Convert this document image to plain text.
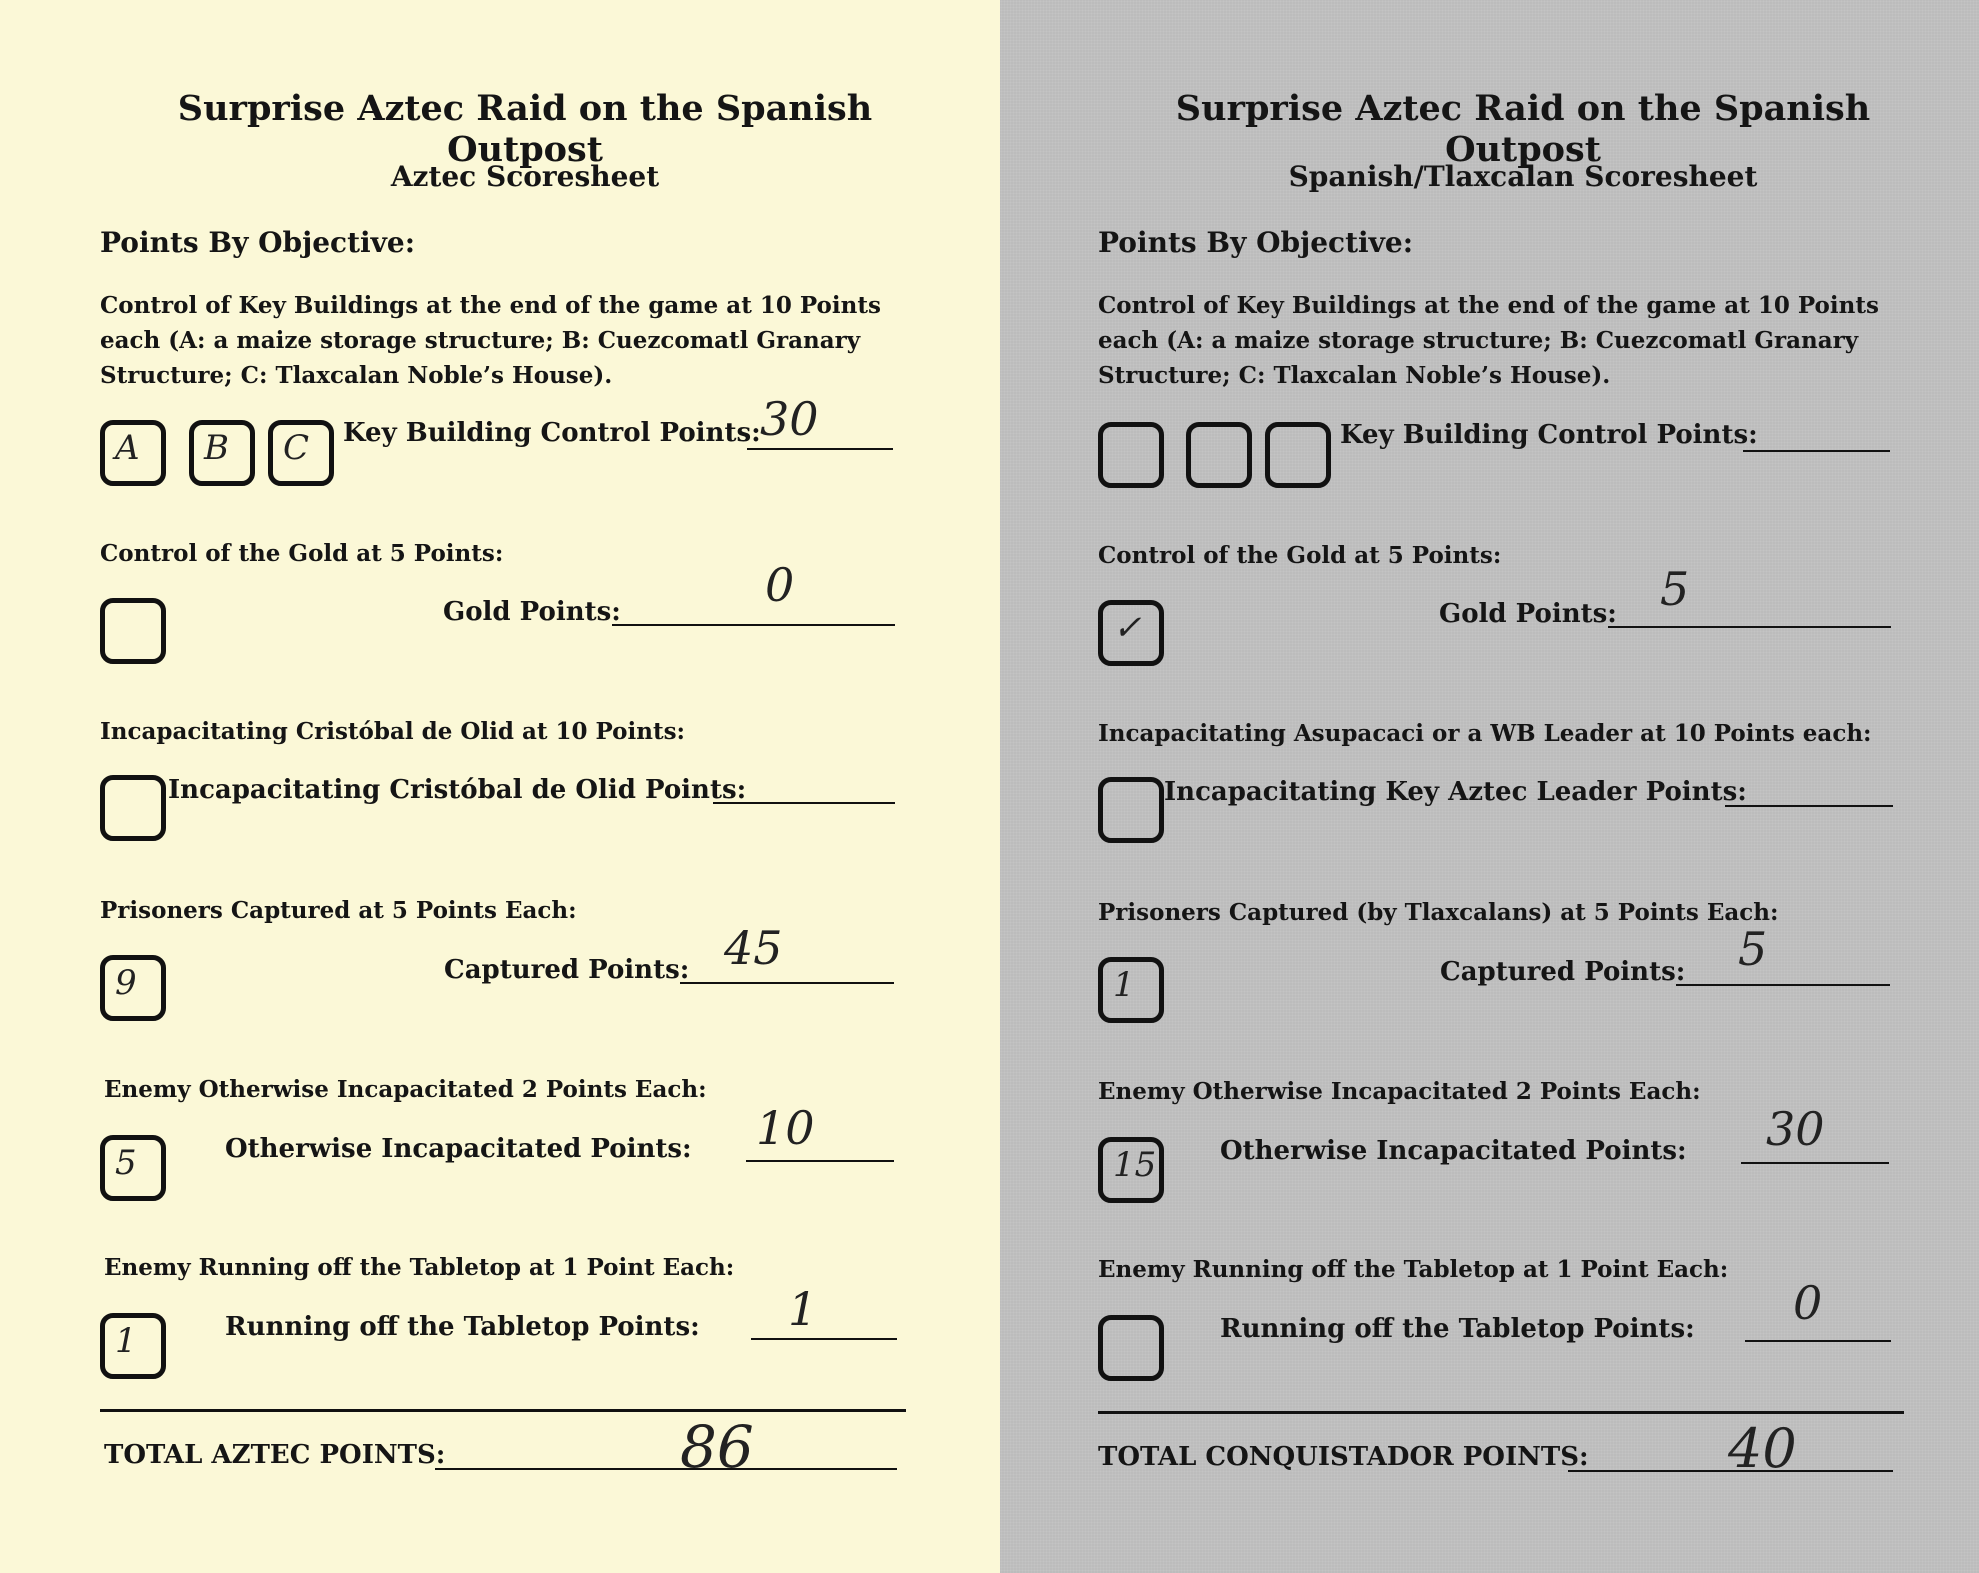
Surprise Aztec Raid on the Spanish Outpost
Aztec Scoresheet
Points By Objective:
Control of Key Buildings at the end of the game at 10 Points each (A: a maize storage structure; B: Cuezcomatl Granary Structure; C: Tlaxcalan Noble’s House).
A B C Key Building Control Points: 30
Control of the Gold at 5 Points:
Gold Points:	0
Incapacitating Cristóbal de Olid at 10 Points:
Incapacitating Cristóbal de Olid Points:
Prisoners Captured at 5 Points Each:
9	Captured Points: 45
Enemy Otherwise Incapacitated 2 Points Each:
5	Otherwise Incapacitated Points: 10
Enemy Running off the Tabletop at 1 Point Each:
1	Running off the Tabletop Points: 1
TOTAL AZTEC POINTS:	86
Surprise Aztec Raid on the Spanish Outpost
Spanish/Tlaxcalan Scoresheet
Points By Objective:
Control of Key Buildings at the end of the game at 10 Points each (A: a maize storage structure; B: Cuezcomatl Granary Structure; C: Tlaxcalan Noble’s House).
Key Building Control Points:
Control of the Gold at 5 Points:
✓	Gold Points: 5
Incapacitating Asupacaci or a WB Leader at 10 Points each:
Incapacitating Key Aztec Leader Points:
Prisoners Captured (by Tlaxcalans) at 5 Points Each:
1	Captured Points: 5
Enemy Otherwise Incapacitated 2 Points Each:
15 Otherwise Incapacitated Points: 30
Enemy Running off the Tabletop at 1 Point Each:
Running off the Tabletop Points: 0
TOTAL CONQUISTADOR POINTS:	40
